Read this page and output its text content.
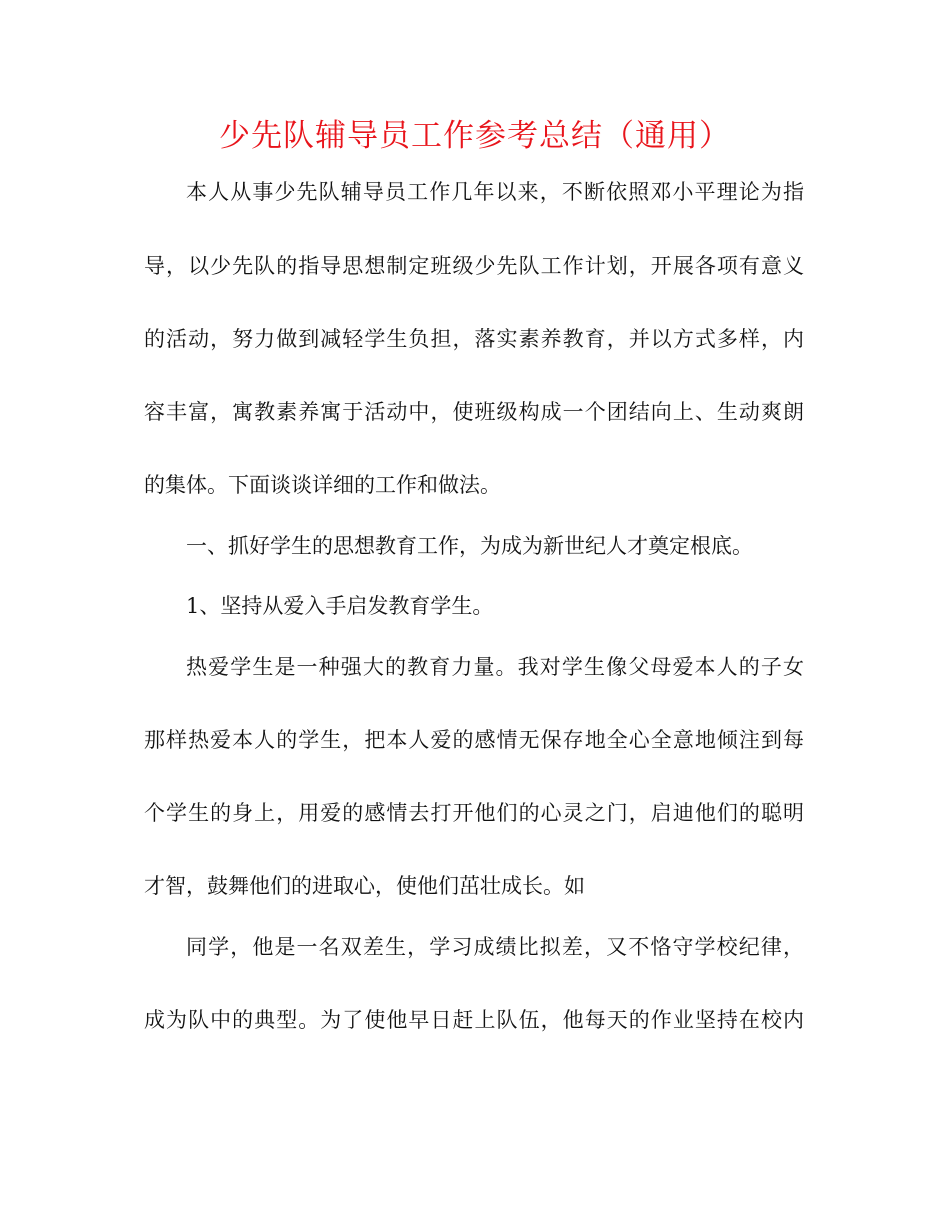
少先队辅导员工作参考总结（通用）

本人从事少先队辅导员工作几年以来，不断依照邓小平理论为指

导，以少先队的指导思想制定班级少先队工作计划，开展各项有意义

的活动，努力做到减轻学生负担，落实素养教育，并以方式多样，内

容丰富，寓教素养寓于活动中，使班级构成一个团结向上、生动爽朗

的集体。下面谈谈详细的工作和做法。

一、抓好学生的思想教育工作，为成为新世纪人才奠定根底。

1、坚持从爱入手启发教育学生。

热爱学生是一种强大的教育力量。我对学生像父母爱本人的子女

那样热爱本人的学生，把本人爱的感情无保存地全心全意地倾注到每

个学生的身上，用爱的感情去打开他们的心灵之门，启迪他们的聪明

才智，鼓舞他们的进取心，使他们茁壮成长。如

同学，他是一名双差生，学习成绩比拟差，又不恪守学校纪律，

成为队中的典型。为了使他早日赶上队伍，他每天的作业坚持在校内
